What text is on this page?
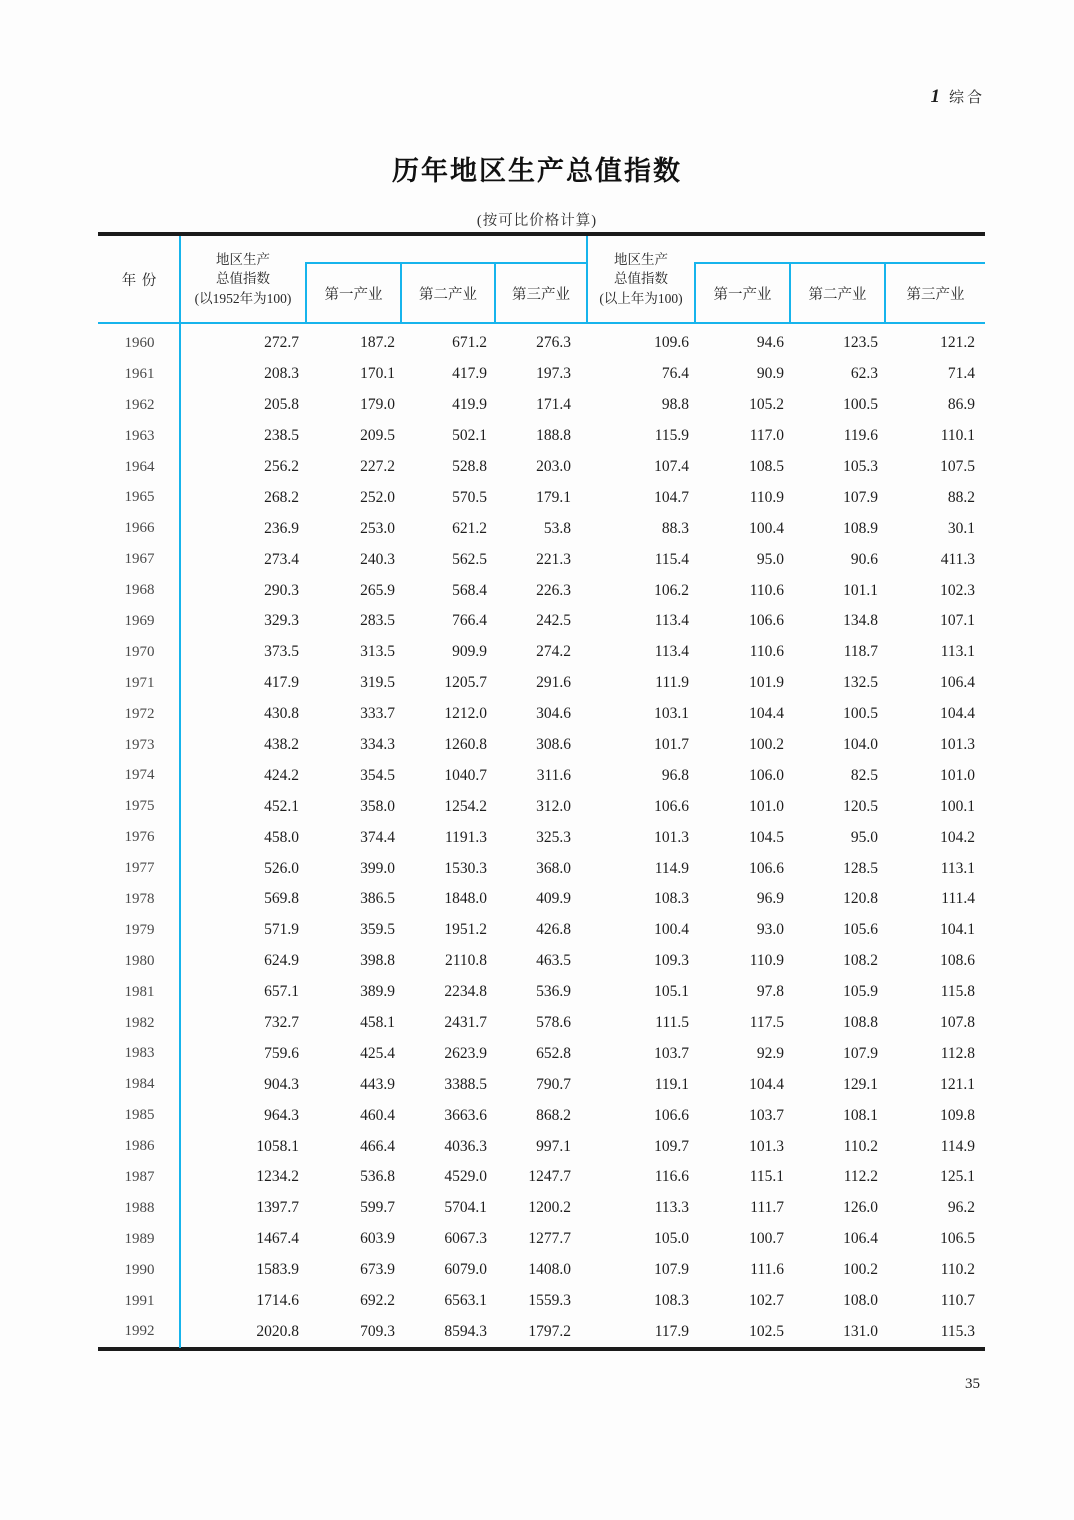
1 综合
历年地区生产总值指数
(按可比价格计算)
年 份
地区生产
总值指数
(以1952年为100)	第一产业	第二产业	第三产业
地区生产
总值指数
(以上年为100)	第一产业	第二产业	第三产业
1960	272.7	187.2	671.2	276.3	109.6	94.6	123.5	121.2
1961	208.3	170.1	417.9	197.3	76.4	90.9	62.3	71.4
1962	205.8	179.0	419.9	171.4	98.8	105.2	100.5	86.9
1963	238.5	209.5	502.1	188.8	115.9	117.0	119.6	110.1
1964	256.2	227.2	528.8	203.0	107.4	108.5	105.3	107.5
1965	268.2	252.0	570.5	179.1	104.7	110.9	107.9	88.2
1966	236.9	253.0	621.2	53.8	88.3	100.4	108.9	30.1
1967	273.4	240.3	562.5	221.3	115.4	95.0	90.6	411.3
1968	290.3	265.9	568.4	226.3	106.2	110.6	101.1	102.3
1969	329.3	283.5	766.4	242.5	113.4	106.6	134.8	107.1
1970	373.5	313.5	909.9	274.2	113.4	110.6	118.7	113.1
1971	417.9	319.5	1205.7	291.6	111.9	101.9	132.5	106.4
1972	430.8	333.7	1212.0	304.6	103.1	104.4	100.5	104.4
1973	438.2	334.3	1260.8	308.6	101.7	100.2	104.0	101.3
1974	424.2	354.5	1040.7	311.6	96.8	106.0	82.5	101.0
1975	452.1	358.0	1254.2	312.0	106.6	101.0	120.5	100.1
1976	458.0	374.4	1191.3	325.3	101.3	104.5	95.0	104.2
1977	526.0	399.0	1530.3	368.0	114.9	106.6	128.5	113.1
1978	569.8	386.5	1848.0	409.9	108.3	96.9	120.8	111.4
1979	571.9	359.5	1951.2	426.8	100.4	93.0	105.6	104.1
1980	624.9	398.8	2110.8	463.5	109.3	110.9	108.2	108.6
1981	657.1	389.9	2234.8	536.9	105.1	97.8	105.9	115.8
1982	732.7	458.1	2431.7	578.6	111.5	117.5	108.8	107.8
1983	759.6	425.4	2623.9	652.8	103.7	92.9	107.9	112.8
1984	904.3	443.9	3388.5	790.7	119.1	104.4	129.1	121.1
1985	964.3	460.4	3663.6	868.2	106.6	103.7	108.1	109.8
1986	1058.1	466.4	4036.3	997.1	109.7	101.3	110.2	114.9
1987	1234.2	536.8	4529.0	1247.7	116.6	115.1	112.2	125.1
1988	1397.7	599.7	5704.1	1200.2	113.3	111.7	126.0	96.2
1989	1467.4	603.9	6067.3	1277.7	105.0	100.7	106.4	106.5
1990	1583.9	673.9	6079.0	1408.0	107.9	111.6	100.2	110.2
1991	1714.6	692.2	6563.1	1559.3	108.3	102.7	108.0	110.7
1992	2020.8	709.3	8594.3	1797.2	117.9	102.5	131.0	115.3
35
